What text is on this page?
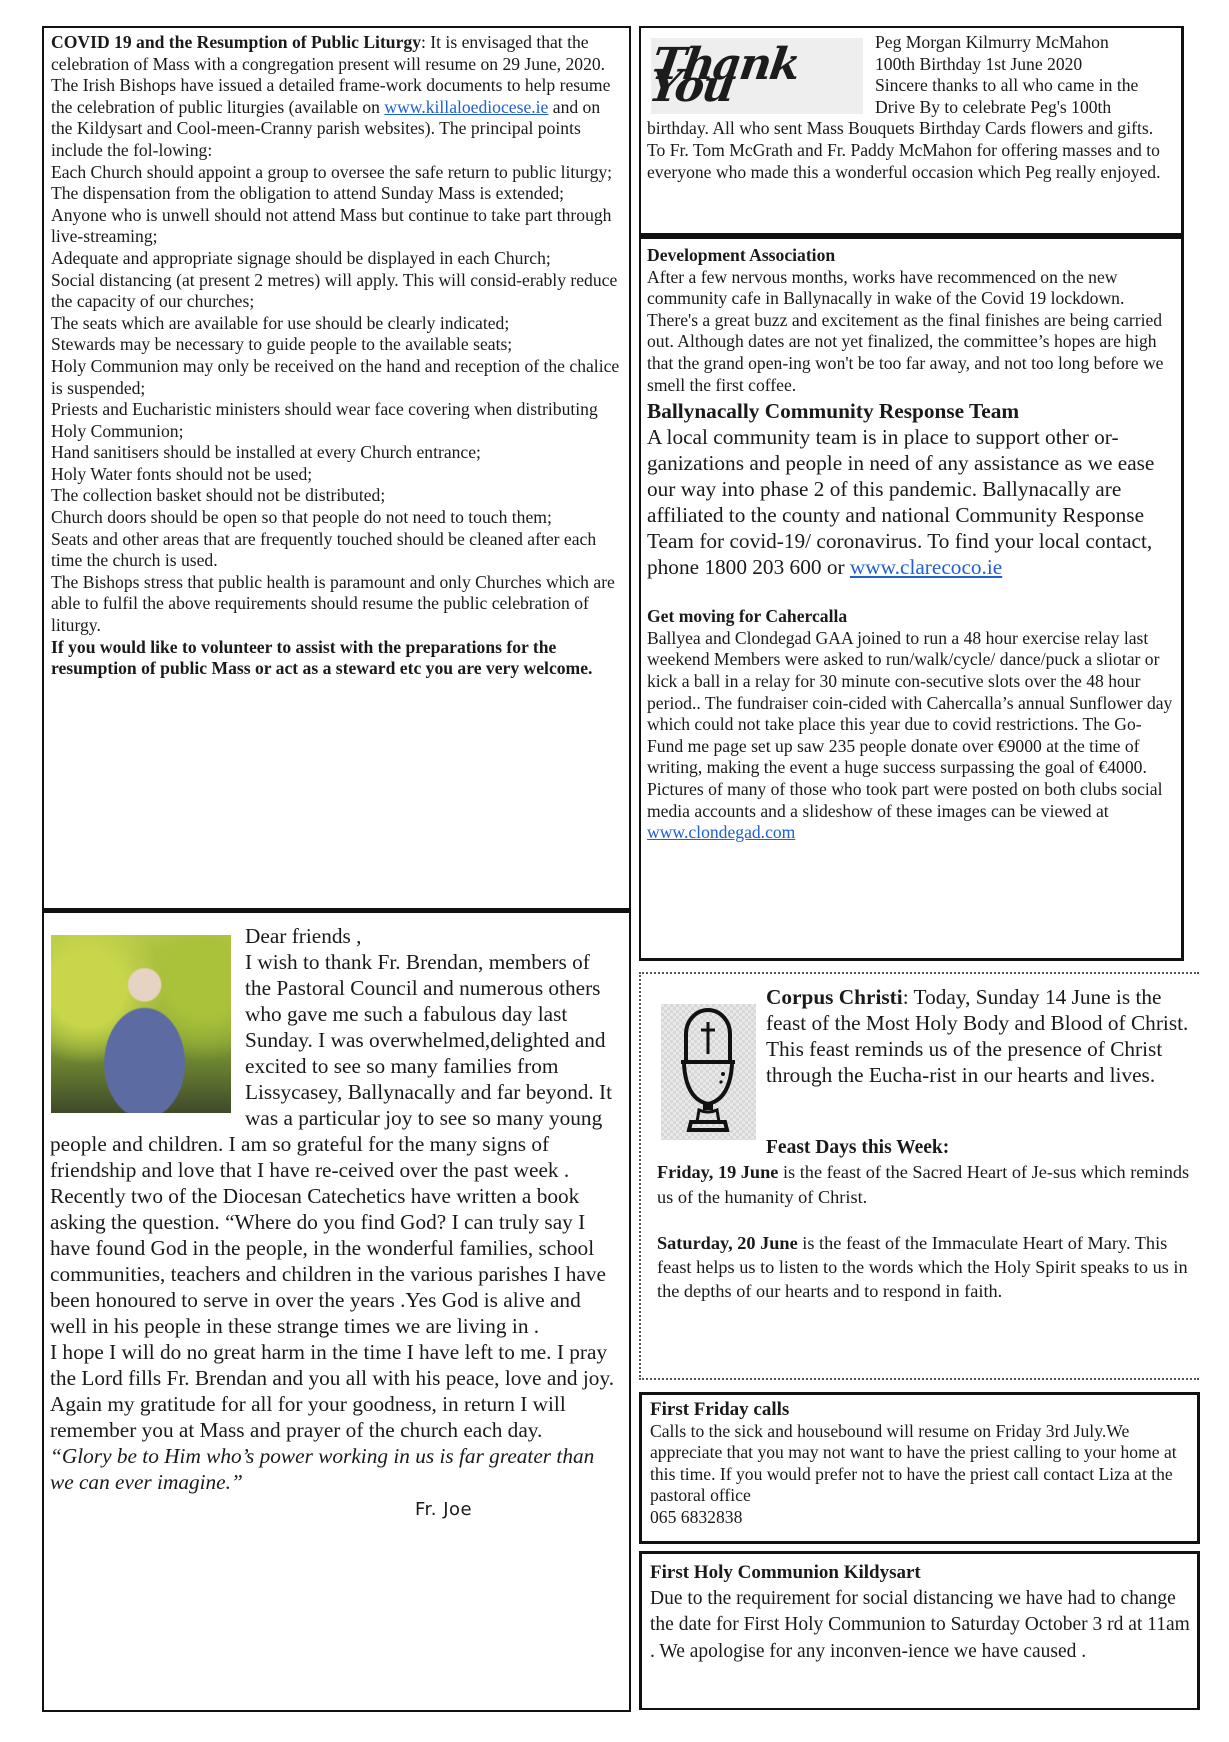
COVID 19 and the Resumption of Public Liturgy: It is envisaged that the celebration of Mass with a congregation present will resume on 29 June, 2020. The Irish Bishops have issued a detailed frame-work documents to help resume the celebration of public liturgies (available on www.killaloediocese.ie and on the Kildysart and Cool-meen-Cranny parish websites). The principal points include the fol-lowing:

Each Church should appoint a group to oversee the safe return to public liturgy;

The dispensation from the obligation to attend Sunday Mass is extended;

Anyone who is unwell should not attend Mass but continue to take part through live-streaming;

Adequate and appropriate signage should be displayed in each Church;

Social distancing (at present 2 metres) will apply. This will consid-erably reduce the capacity of our churches;

The seats which are available for use should be clearly indicated;

Stewards may be necessary to guide people to the available seats;

Holy Communion may only be received on the hand and reception of the chalice is suspended;

Priests and Eucharistic ministers should wear face covering when distributing Holy Communion;

Hand sanitisers should be installed at every Church entrance;

Holy Water fonts should not be used;

The collection basket should not be distributed;

Church doors should be open so that people do not need to touch them;

Seats and other areas that are frequently touched should be cleaned after each time the church is used.

The Bishops stress that public health is paramount and only Churches which are able to fulfil the above requirements should resume the public celebration of liturgy.

If you would like to volunteer to assist with the preparations for the resumption of public Mass or act as a steward etc you are very welcome.

Thank You

Peg Morgan Kilmurry McMahon

100th Birthday 1st June 2020

Sincere thanks to all who came in the Drive By to celebrate Peg's 100th birthday. All who sent Mass Bouquets Birthday Cards flowers and gifts. To Fr. Tom McGrath and Fr. Paddy McMahon for offering masses and to everyone who made this a wonderful occasion which Peg really enjoyed.

Development Association

After a few nervous months, works have recommenced on the new community cafe in Ballynacally in wake of the Covid 19 lockdown. There's a great buzz and excitement as the final finishes are being carried out. Although dates are not yet finalized, the committee’s hopes are high that the grand open-ing won't be too far away, and not too long before we smell the first coffee.

Ballynacally Community Response Team

A local community team is in place to support other or-ganizations and people in need of any assistance as we ease our way into phase 2 of this pandemic. Ballynacally are affiliated to the county and national Community Response Team for covid-19/ coronavirus. To find your local contact, phone 1800 203 600 or www.clarecoco.ie

Get moving for Cahercalla

Ballyea and Clondegad GAA joined to run a 48 hour exercise relay last weekend Members were asked to run/walk/cycle/ dance/puck a sliotar or kick a ball in a relay for 30 minute con-secutive slots over the 48 hour period.. The fundraiser coin-cided with Cahercalla’s annual Sunflower day which could not take place this year due to covid restrictions. The Go-Fund me page set up saw 235 people donate over €9000 at the time of writing, making the event a huge success surpassing the goal of €4000. Pictures of many of those who took part were posted on both clubs social media accounts and a slideshow of these images can be viewed at www.clondegad.com

Dear friends ,

I wish to thank Fr. Brendan, members of the Pastoral Council and numerous others who gave me such a fabulous day last Sunday. I was overwhelmed,delighted and excited to see so many families from Lissycasey, Ballynacally and far beyond. It was a particular joy to see so many young people and children. I am so grateful for the many signs of friendship and love that I have re-ceived over the past week .

Recently two of the Diocesan Catechetics have written a book asking the question. “Where do you find God? I can truly say I have found God in the people, in the wonderful families, school communities, teachers and children in the various parishes I have been honoured to serve in over the years .Yes God is alive and well in his people in these strange times we are living in .

I hope I will do no great harm in the time I have left to me. I pray the Lord fills Fr. Brendan and you all with his peace, love and joy. Again my gratitude for all for your goodness, in return I will remember you at Mass and prayer of the church each day.

“Glory be to Him who’s power working in us is far greater than we can ever imagine.”

Fr. Joe

Corpus Christi: Today, Sunday 14 June is the feast of the Most Holy Body and Blood of Christ. This feast reminds us of the presence of Christ through the Eucha-rist in our hearts and lives.

Feast Days this Week:

Friday, 19 June is the feast of the Sacred Heart of Je-sus which reminds us of the humanity of Christ.

Saturday, 20 June is the feast of the Immaculate Heart of Mary. This feast helps us to listen to the words which the Holy Spirit speaks to us in the depths of our hearts and to respond in faith.

First Friday calls

Calls to the sick and housebound will resume on Friday 3rd July.We appreciate that you may not want to have the priest calling to your home at this time. If you would prefer not to have the priest call contact Liza at the pastoral office

065 6832838

First Holy Communion Kildysart

Due to the requirement for social distancing we have had to change the date for First Holy Communion to Saturday October 3 rd at 11am . We apologise for any inconven-ience we have caused .
